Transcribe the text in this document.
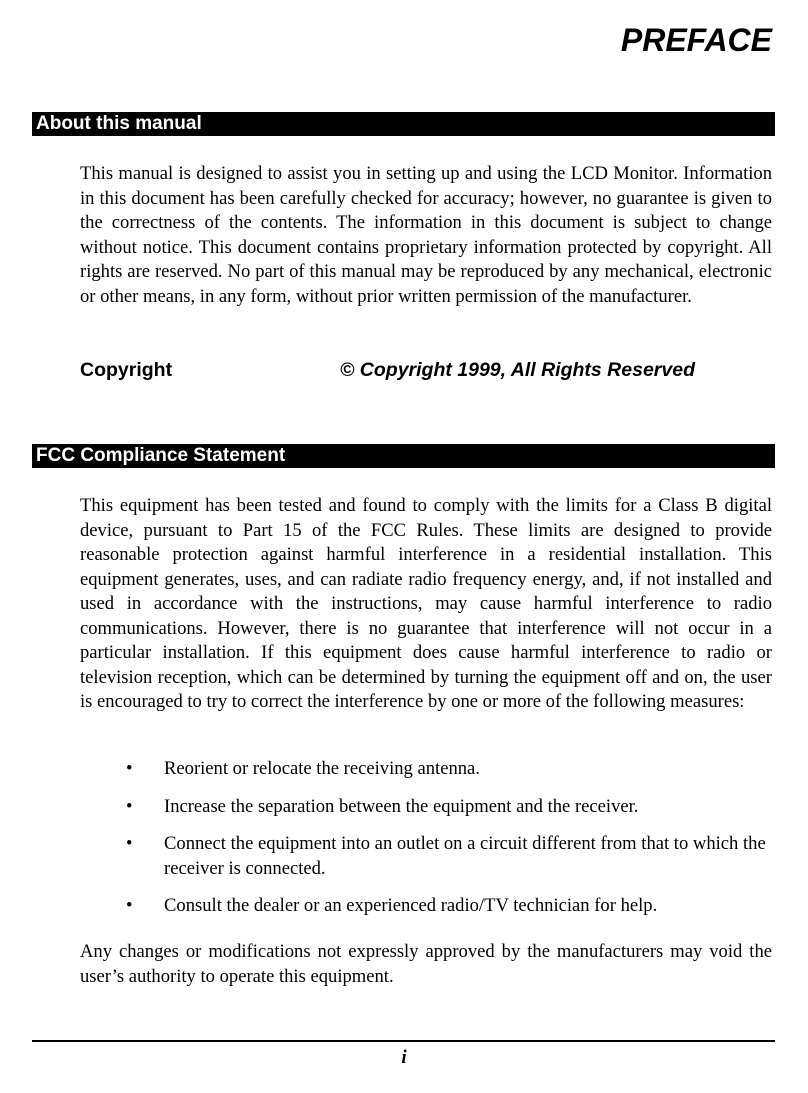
PREFACE
About this manual

This manual is designed to assist you in setting up and using the LCD Monitor. Information in this document has been carefully checked for accuracy; however, no guarantee is given to the correctness of the contents. The information in this document is subject to change without notice. This document contains proprietary information protected by copyright. All rights are reserved. No part of this manual may be reproduced by any mechanical, electronic or other means, in any form, without prior written permission of the manufacturer.

Copyright	© Copyright 1999, All Rights Reserved
FCC Compliance Statement

This equipment has been tested and found to comply with the limits for a Class B digital device, pursuant to Part 15 of the FCC Rules. These limits are designed to provide reasonable protection against harmful interference in a residential installation. This equipment generates, uses, and can radiate radio frequency energy, and, if not installed and used in accordance with the instructions, may cause harmful interference to radio communications. However, there is no guarantee that interference will not occur in a particular installation. If this equipment does cause harmful interference to radio or television reception, which can be determined by turning the equipment off and on, the user is encouraged to try to correct the interference by one or more of the following measures:

• Reorient or relocate the receiving antenna.
• Increase the separation between the equipment and the receiver.
• Connect the equipment into an outlet on a circuit different from that to which the receiver is connected.
• Consult the dealer or an experienced radio/TV technician for help.

Any changes or modifications not expressly approved by the manufacturers may void the user’s authority to operate this equipment.

i
